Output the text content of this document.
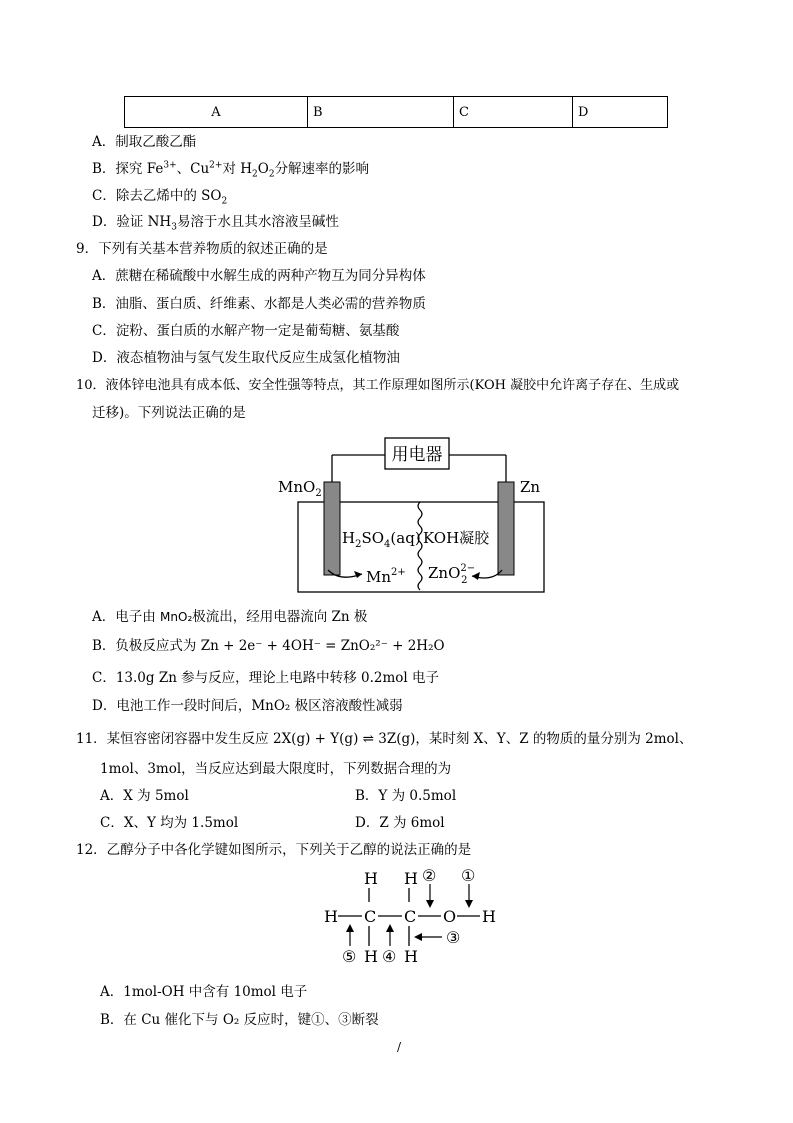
A	B	C	D
A．制取乙酸乙酯
B．探究 $Fe^{3+}$、$Cu^{2+}$对 $H_2O_2$分解速率的影响
C．除去乙烯中的 $SO_2$
D．验证 $NH_3$易溶于水且其水溶液呈碱性
9．下列有关基本营养物质的叙述正确的是
A．蔗糖在稀硫酸中水解生成的两种产物互为同分异构体
B．油脂、蛋白质、纤维素、水都是人类必需的营养物质
C．淀粉、蛋白质的水解产物一定是葡萄糖、氨基酸
D．液态植物油与氢气发生取代反应生成氢化植物油
10．液体锌电池具有成本低、安全性强等特点，其工作原理如图所示(KOH 凝胶中允许离子存在、生成或
迁移)。下列说法正确的是
用电器
MnO$_2$	Zn
$H_2SO_4(aq)$ KOH凝胶
$Mn^{2+}$ ZnO$^{2-}$ 2
A．电子由 MnO₂极流出，经用电器流向 Zn 极
B．负极反应式为 Zn + 2e⁻ + 4OH⁻ = ZnO₂²⁻ + 2H₂O
C．13.0g Zn 参与反应，理论上电路中转移 0.2mol 电子
D．电池工作一段时间后，MnO₂ 极区溶液酸性减弱
11．某恒容密闭容器中发生反应 2X(g) + Y(g) ⇌ 3Z(g)，某时刻 X、Y、Z 的物质的量分别为 2mol、
1mol、3mol，当反应达到最大限度时，下列数据合理的为
A．X 为 5mol	B．Y 为 0.5mol
C．X、Y 均为 1.5mol	D．Z 为 6mol
12．乙醇分子中各化学键如图所示，下列关于乙醇的说法正确的是
H C C O H
H H
H H
② ①
③
⑤ ④
A．1mol-OH 中含有 10mol 电子
B．在 Cu 催化下与 O₂ 反应时，键①、③断裂
/
